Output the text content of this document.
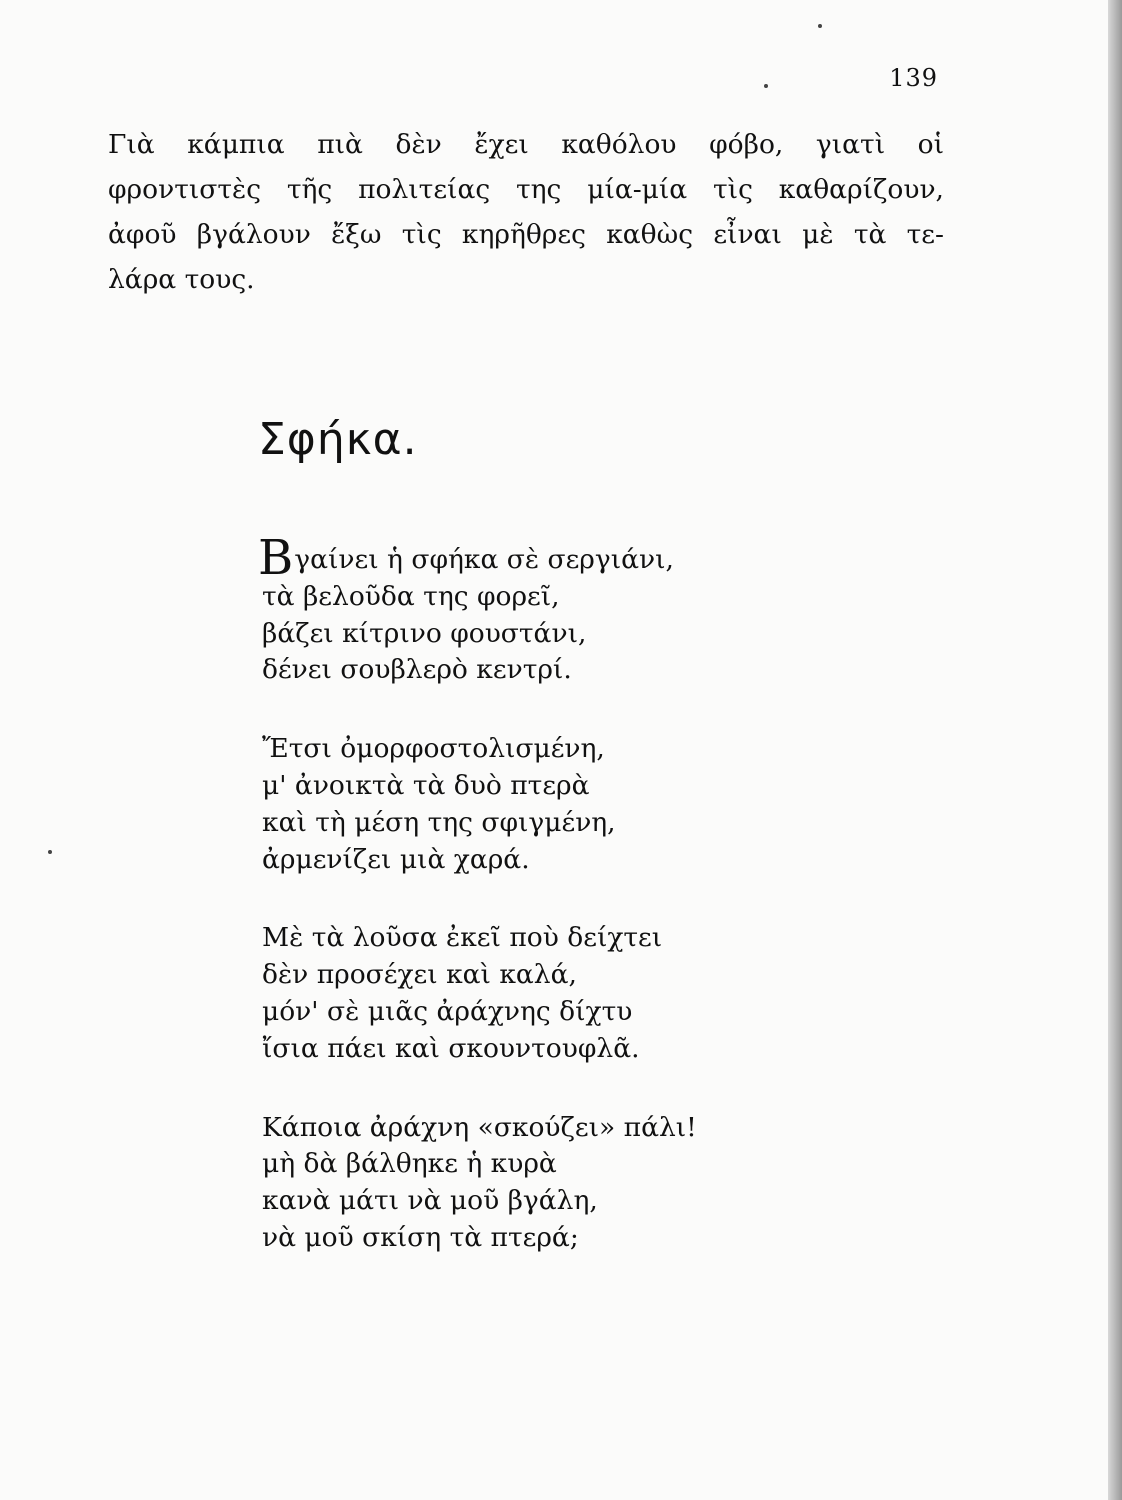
139
Γιὰ κάμπια πιὰ δὲν ἔχει καθόλου φόβο, γιατὶ οἱ
φροντιστὲς τῆς πολιτείας της μία-μία τὶς καθαρίζουν,
ἀφοῦ βγάλουν ἔξω τὶς κηρῆθρες καθὼς εἶναι μὲ τὰ τε-
λάρα τους.
Σφήκα.
Βγαίνει ἡ σφήκα σὲ σεργιάνι,
τὰ βελοῦδα της φορεῖ,
βάζει κίτρινο φουστάνι,
δένει σουβλερὸ κεντρί.
Ἔτσι ὀμορφοστολισμένη,
μ' ἀνοικτὰ τὰ δυὸ πτερὰ
καὶ τὴ μέση της σφιγμένη,
ἀρμενίζει μιὰ χαρά.
Μὲ τὰ λοῦσα ἐκεῖ ποὺ δείχτει
δὲν προσέχει καὶ καλά,
μόν' σὲ μιᾶς ἀράχνης δίχτυ
ἴσια πάει καὶ σκουντουφλᾶ.
Κάποια ἀράχνη «σκούζει» πάλι!
μὴ δὰ βάλθηκε ἡ κυρὰ
κανὰ μάτι νὰ μοῦ βγάλη,
νὰ μοῦ σκίση τὰ πτερά;
